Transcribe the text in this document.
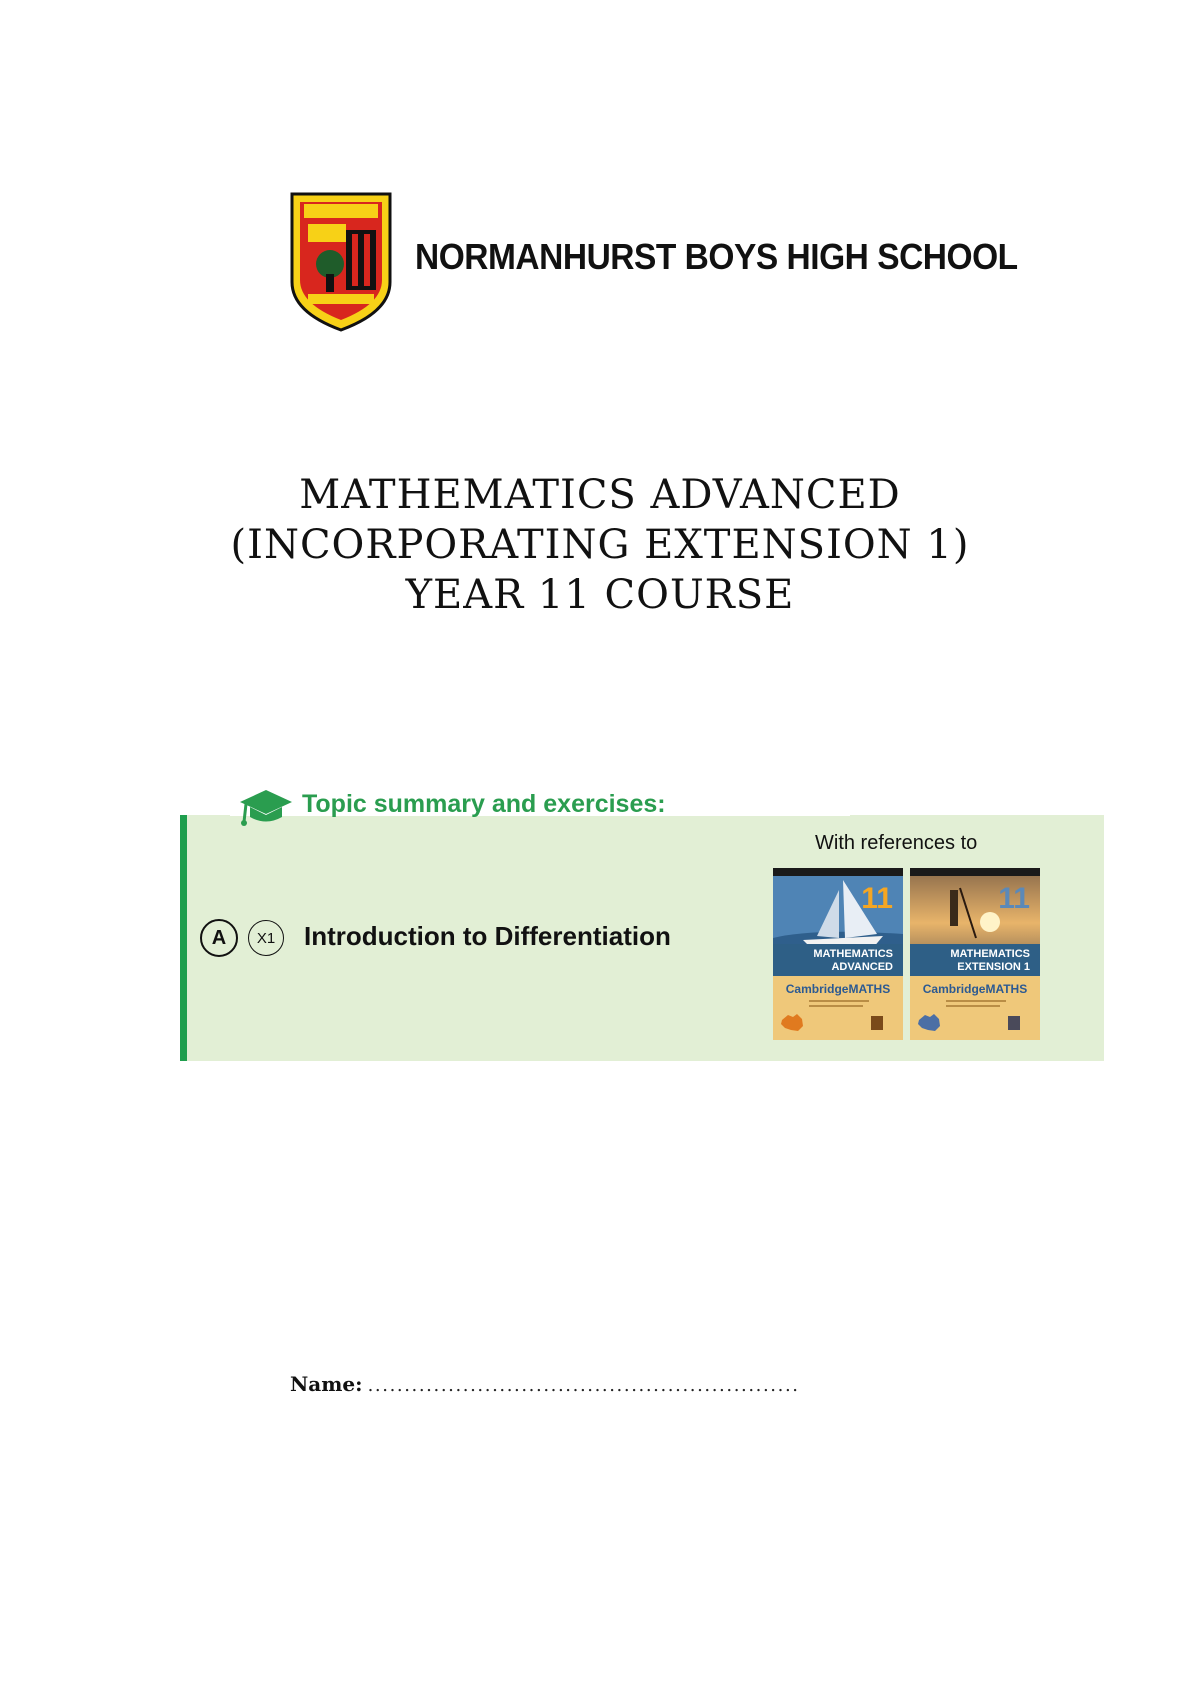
NORMANHURST BOYS HIGH SCHOOL
MATHEMATICS ADVANCED
(INCORPORATING EXTENSION 1)
YEAR 11 COURSE
Topic summary and exercises:
With references to
A	X1	Introduction to Differentiation
11
MATHEMATICS
ADVANCED
CambridgeMATHS
11
MATHEMATICS
EXTENSION 1
CambridgeMATHS
Name: ...........................................................
